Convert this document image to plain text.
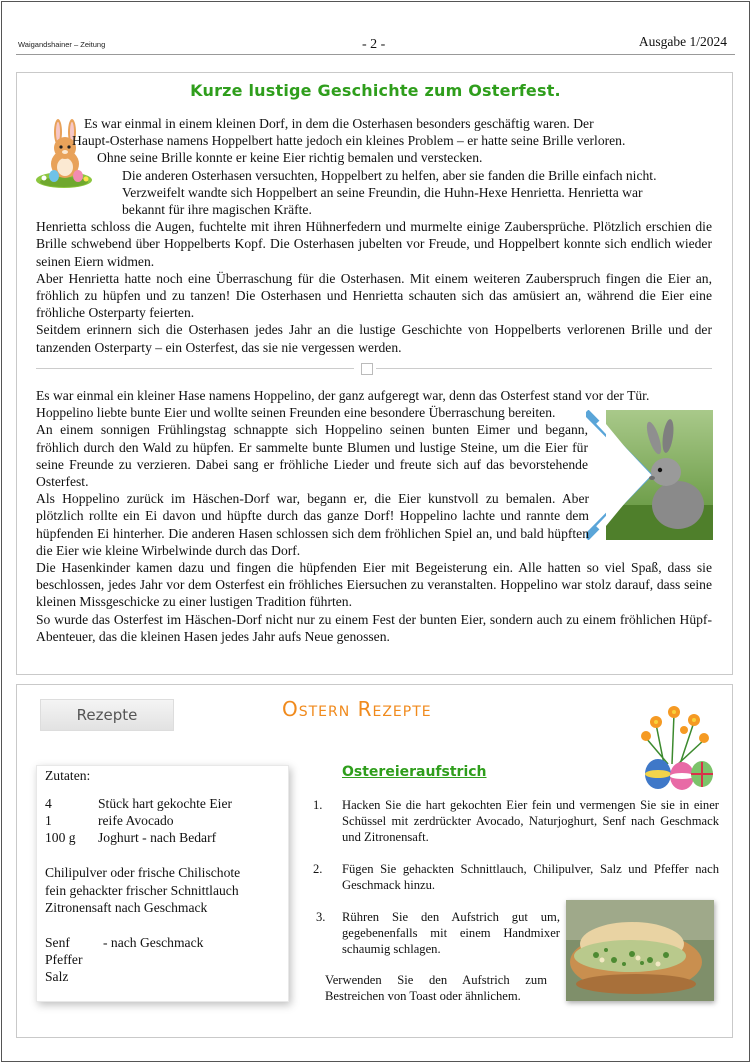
Waigandshainer – Zeitung	- 2 -	Ausgabe 1/2024
Kurze lustige Geschichte zum Osterfest.

Es war einmal in einem kleinen Dorf, in dem die Osterhasen besonders geschäftig waren. Der

Haupt-Osterhase namens Hoppelbert hatte jedoch ein kleines Problem – er hatte seine Brille verloren.

Ohne seine Brille konnte er keine Eier richtig bemalen und verstecken.

Die anderen Osterhasen versuchten, Hoppelbert zu helfen, aber sie fanden die Brille einfach nicht.

Verzweifelt wandte sich Hoppelbert an seine Freundin, die Huhn-Hexe Henrietta. Henrietta war

bekannt für ihre magischen Kräfte.

Henrietta schloss die Augen, fuchtelte mit ihren Hühnerfedern und murmelte einige Zaubersprüche. Plötzlich erschien die Brille schwebend über Hoppelberts Kopf. Die Osterhasen jubelten vor Freude, und Hoppelbert konnte sich endlich wieder seinen Eiern widmen.

Aber Henrietta hatte noch eine Überraschung für die Osterhasen. Mit einem weiteren Zauberspruch fingen die Eier an, fröhlich zu hüpfen und zu tanzen! Die Osterhasen und Henrietta schauten sich das amüsiert an, während die Eier eine fröhliche Osterparty feierten.

Seitdem erinnern sich die Osterhasen jedes Jahr an die lustige Geschichte von Hoppelberts verlorenen Brille und der tanzenden Osterparty – ein Osterfest, das sie nie vergessen werden.

Es war einmal ein kleiner Hase namens Hoppelino, der ganz aufgeregt war, denn das Osterfest stand vor der Tür.

Hoppelino liebte bunte Eier und wollte seinen Freunden eine besondere Überraschung bereiten.

An einem sonnigen Frühlingstag schnappte sich Hoppelino seinen bunten Eimer und begann, fröhlich durch den Wald zu hüpfen. Er sammelte bunte Blumen und lustige Steine, um die Eier für seine Freunde zu verzieren. Dabei sang er fröhliche Lieder und freute sich auf das bevorstehende Osterfest.

Als Hoppelino zurück im Häschen-Dorf war, begann er, die Eier kunstvoll zu bemalen. Aber plötzlich rollte ein Ei davon und hüpfte durch das ganze Dorf! Hoppelino lachte und rannte dem hüpfenden Ei hinterher. Die anderen Hasen schlossen sich dem fröhlichen Spiel an, und bald hüpften die Eier wie kleine Wirbelwinde durch das Dorf.

Die Hasenkinder kamen dazu und fingen die hüpfenden Eier mit Begeisterung ein. Alle hatten so viel Spaß, dass sie beschlossen, jedes Jahr vor dem Osterfest ein fröhliches Eiersuchen zu veranstalten. Hoppelino war stolz darauf, dass seine kleinen Missgeschicke zu einer lustigen Tradition führten.

So wurde das Osterfest im Häschen-Dorf nicht nur zu einem Fest der bunten Eier, sondern auch zu einem fröhlichen Hüpf-Abenteuer, das die kleinen Hasen jedes Jahr aufs Neue genossen.

Rezepte	Ostern Rezepte
Zutaten:
4	Stück hart gekochte Eier
1	reife Avocado
100 g Joghurt - nach Bedarf
Chilipulver oder frische Chilischote
fein gehackter frischer Schnittlauch
Zitronensaft nach Geschmack
Senf - nach Geschmack
Pfeffer
Salz
Ostereieraufstrich
1. Hacken Sie die hart gekochten Eier fein und vermengen Sie sie in einer Schüssel mit zerdrückter Avocado, Naturjoghurt, Senf nach Geschmack und Zitronensaft.
2. Fügen Sie gehackten Schnittlauch, Chilipulver, Salz und Pfeffer nach Geschmack hinzu.
3. Rühren Sie den Aufstrich gut um, gegebenenfalls mit einem Handmixer schaumig schlagen.
Verwenden Sie den Aufstrich zum Bestreichen von Toast oder ähnlichem.
